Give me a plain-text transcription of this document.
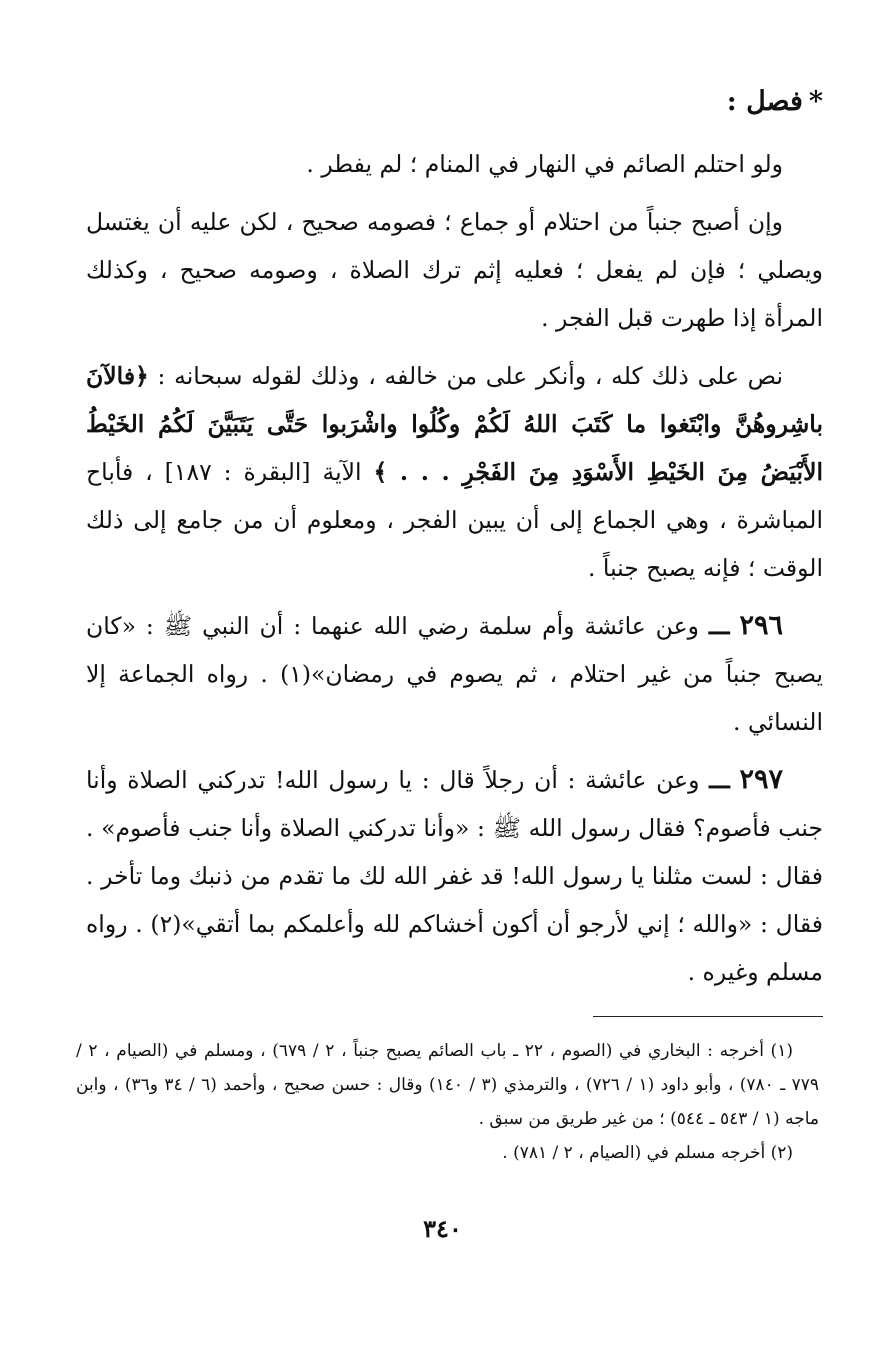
*فصل :

ولو احتلم الصائم في النهار في المنام ؛ لم يفطر .

وإن أصبح جنباً من احتلام أو جماع ؛ فصومه صحيح ، لكن عليه أن يغتسل ويصلي ؛ فإن لم يفعل ؛ فعليه إثم ترك الصلاة ، وصومه صحيح ، وكذلك المرأة إذا طهرت قبل الفجر .

نص على ذلك كله ، وأنكر على من خالفه ، وذلك لقوله سبحانه : ﴿فالآنَ باشِروهُنَّ وابْتَغوا ما كَتَبَ اللهُ لَكُمْ وكُلُوا واشْرَبوا حَتَّى يَتَبَيَّنَ لَكُمُ الخَيْطُ الأَبْيَضُ مِنَ الخَيْطِ الأَسْوَدِ مِنَ الفَجْرِ . . . ﴾ الآية [البقرة : ١٨٧] ، فأباح المباشرة ، وهي الجماع إلى أن يبين الفجر ، ومعلوم أن من جامع إلى ذلك الوقت ؛ فإنه يصبح جنباً .

٢٩٦ ـــ وعن عائشة وأم سلمة رضي الله عنهما : أن النبي ﷺ : «كان يصبح جنباً من غير احتلام ، ثم يصوم في رمضان»(١) . رواه الجماعة إلا النسائي .

٢٩٧ ـــ وعن عائشة : أن رجلاً قال : يا رسول الله! تدركني الصلاة وأنا جنب فأصوم؟ فقال رسول الله ﷺ : «وأنا تدركني الصلاة وأنا جنب فأصوم» . فقال : لست مثلنا يا رسول الله! قد غفر الله لك ما تقدم من ذنبك وما تأخر . فقال : «والله ؛ إني لأرجو أن أكون أخشاكم لله وأعلمكم بما أتقي»(٢) . رواه مسلم وغيره .

(١) أخرجه : البخاري في (الصوم ، ٢٢ ـ باب الصائم يصبح جنباً ، ٢ / ٦٧٩) ، ومسلم في (الصيام ، ٢ / ٧٧٩ ـ ٧٨٠) ، وأبو داود (١ / ٧٢٦) ، والترمذي (٣ / ١٤٠) وقال : حسن صحيح ، وأحمد (٦ / ٣٤ و٣٦) ، وابن ماجه (١ / ٥٤٣ ـ ٥٤٤) ؛ من غير طريق من سبق .

(٢) أخرجه مسلم في (الصيام ، ٢ / ٧٨١) .

٣٤٠
